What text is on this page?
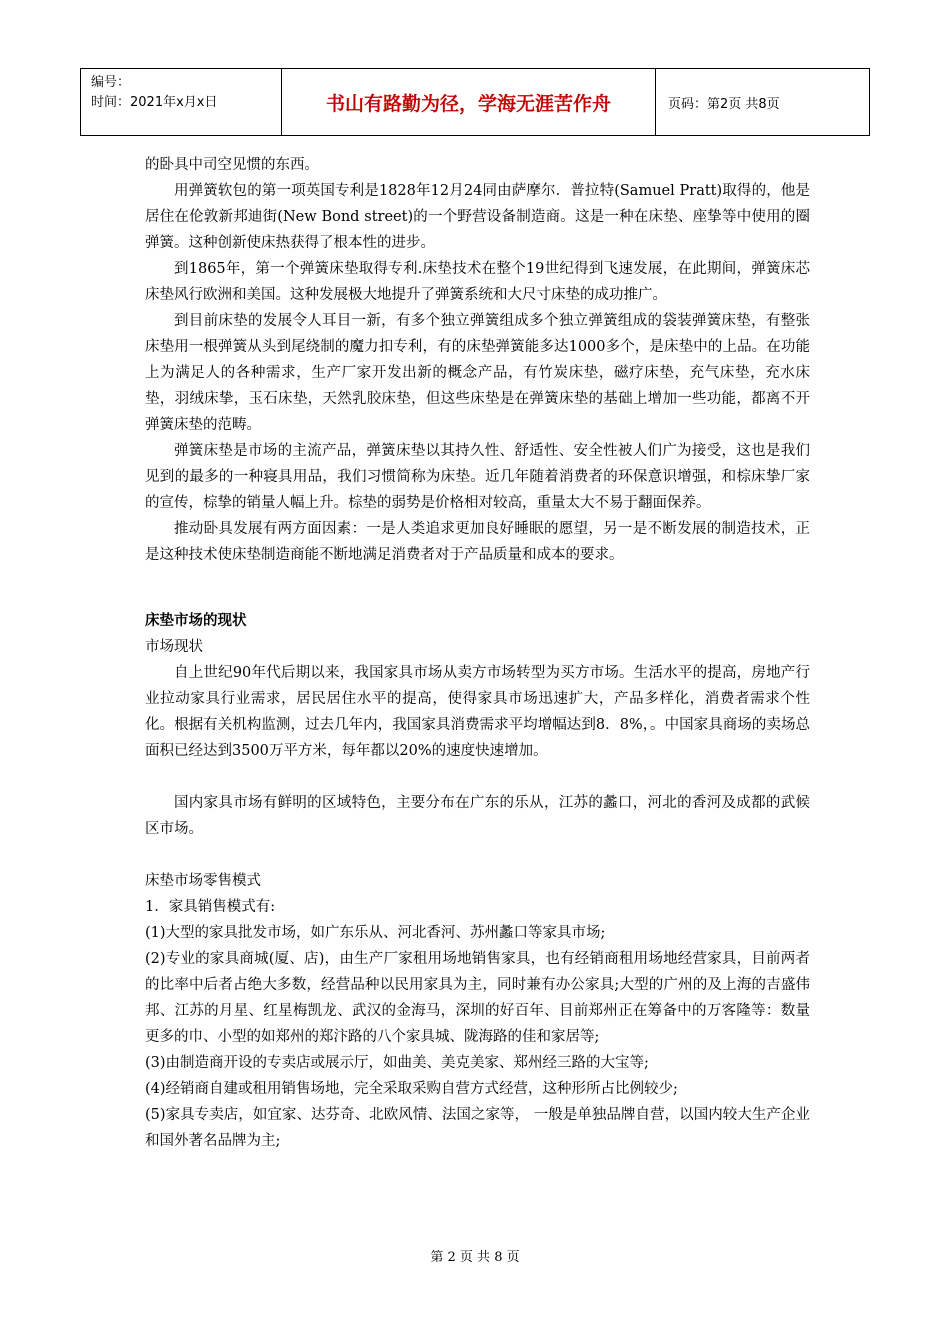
编号：
时间：2021年x月x日	书山有路勤为径，学海无涯苦作舟	页码：第2页 共8页

的卧具中司空见惯的东西。

用弹簧软包的第一项英国专利是1828年12月24同由萨摩尔．普拉特(Samuel Pratt)取得的，他是居住在伦敦新邦迪街(New Bond street)的一个野营设备制造商。这是一种在床垫、座挚等中使用的圈弹簧。这种创新使床热获得了根本性的进步。

到1865年，第一个弹簧床垫取得专利.床垫技术在整个19世纪得到飞速发展，在此期间，弹簧床芯床垫风行欧洲和美国。这种发展极大地提升了弹簧系统和大尺寸床垫的成功推广。

到目前床垫的发展令人耳目一新，有多个独立弹簧组成多个独立弹簧组成的袋装弹簧床垫，有整张床垫用一根弹簧从头到尾绕制的魔力扣专利，有的床垫弹簧能多达1000多个，是床垫中的上品。在功能上为满足人的各种需求，生产厂家开发出新的概念产品，有竹炭床垫，磁疗床垫，充气床垫，充水床垫，羽绒床挚，玉石床垫，天然乳胶床垫，但这些床垫是在弹簧床垫的基础上增加一些功能，都离不开弹簧床垫的范畴。

弹簧床垫是市场的主流产品，弹簧床垫以其持久性、舒适性、安全性被人们广为接受，这也是我们见到的最多的一种寝具用品，我们习惯简称为床垫。近几年随着消费者的环保意识增强，和棕床挚厂家的宣传，棕挚的销量人幅上升。棕垫的弱势是价格相对较高，重量太大不易于翻面保养。

推动卧具发展有两方面因素：一是人类追求更加良好睡眠的愿望，另一是不断发展的制造技术，正是这种技术使床垫制造商能不断地满足消费者对于产品质量和成本的要求。

床垫市场的现状

市场现状

自上世纪90年代后期以来，我国家具市场从卖方市场转型为买方市场。生活水平的提高，房地产行业拉动家具行业需求，居民居住水平的提高，使得家具市场迅速扩大，产品多样化，消费者需求个性化。根据有关机构监测，过去几年内，我国家具消费需求平均增幅达到8．8%，。中国家具商场的卖场总面积已经达到3500万平方米，每年都以20%的速度快速增加。

国内家具市场有鲜明的区域特色，主要分布在广东的乐从，江苏的蠡口，河北的香河及成都的武候区市场。

床垫市场零售模式

1．家具销售模式有:

(1)大型的家具批发市场，如广东乐从、河北香河、苏州蠡口等家具市场;

(2)专业的家具商城(厦、店)，由生产厂家租用场地销售家具，也有经销商租用场地经营家具，目前两者的比率中后者占绝大多数，经营品种以民用家具为主，同时兼有办公家具;大型的广州的及上海的吉盛伟邦、江苏的月星、红星梅凯龙、武汉的金海马，深圳的好百年、目前郑州正在筹备中的万客隆等：数量更多的巾、小型的如郑州的郑汴路的八个家具城、陇海路的佳和家居等;

(3)由制造商开设的专卖店或展示厅，如曲美、美克美家、郑州经三路的大宝等;

(4)经销商自建或租用销售场地，完全采取采购自营方式经营，这种形所占比例较少;

(5)家具专卖店，如宜家、达芬奇、北欧风情、法国之家等， 一般是单独品牌自营，以国内较大生产企业和国外著名品牌为主;

第 2 页 共 8 页
